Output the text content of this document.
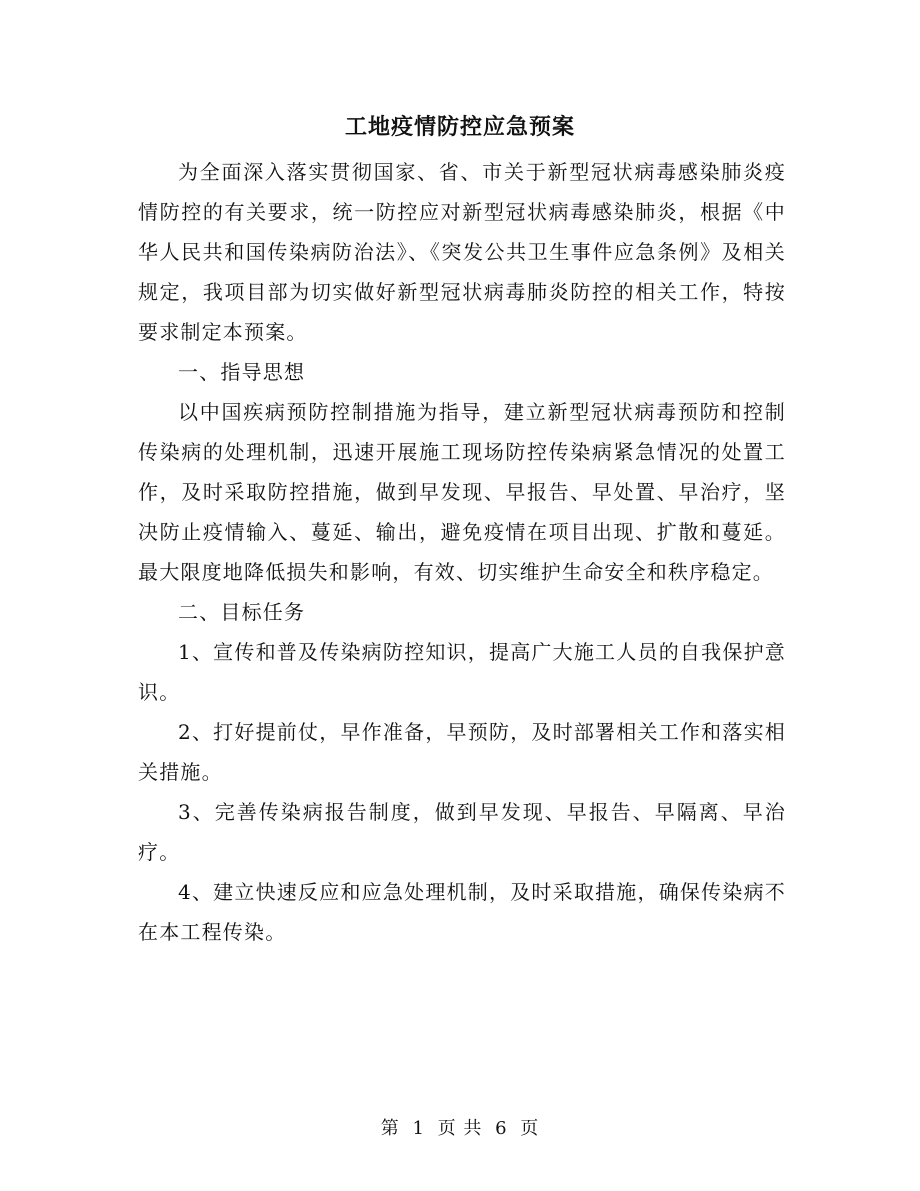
工地疫情防控应急预案

为全面深入落实贯彻国家、省、市关于新型冠状病毒感染肺炎疫情防控的有关要求，统一防控应对新型冠状病毒感染肺炎，根据《中华人民共和国传染病防治法》、《突发公共卫生事件应急条例》及相关规定，我项目部为切实做好新型冠状病毒肺炎防控的相关工作，特按要求制定本预案。

一、指导思想

以中国疾病预防控制措施为指导，建立新型冠状病毒预防和控制传染病的处理机制，迅速开展施工现场防控传染病紧急情况的处置工作，及时采取防控措施，做到早发现、早报告、早处置、早治疗，坚决防止疫情输入、蔓延、输出，避免疫情在项目出现、扩散和蔓延。最大限度地降低损失和影响，有效、切实维护生命安全和秩序稳定。

二、目标任务

1、宣传和普及传染病防控知识，提高广大施工人员的自我保护意识。

2、打好提前仗，早作准备，早预防，及时部署相关工作和落实相关措施。

3、完善传染病报告制度，做到早发现、早报告、早隔离、早治疗。

4、建立快速反应和应急处理机制，及时采取措施，确保传染病不在本工程传染。

第 1 页 共 6 页
